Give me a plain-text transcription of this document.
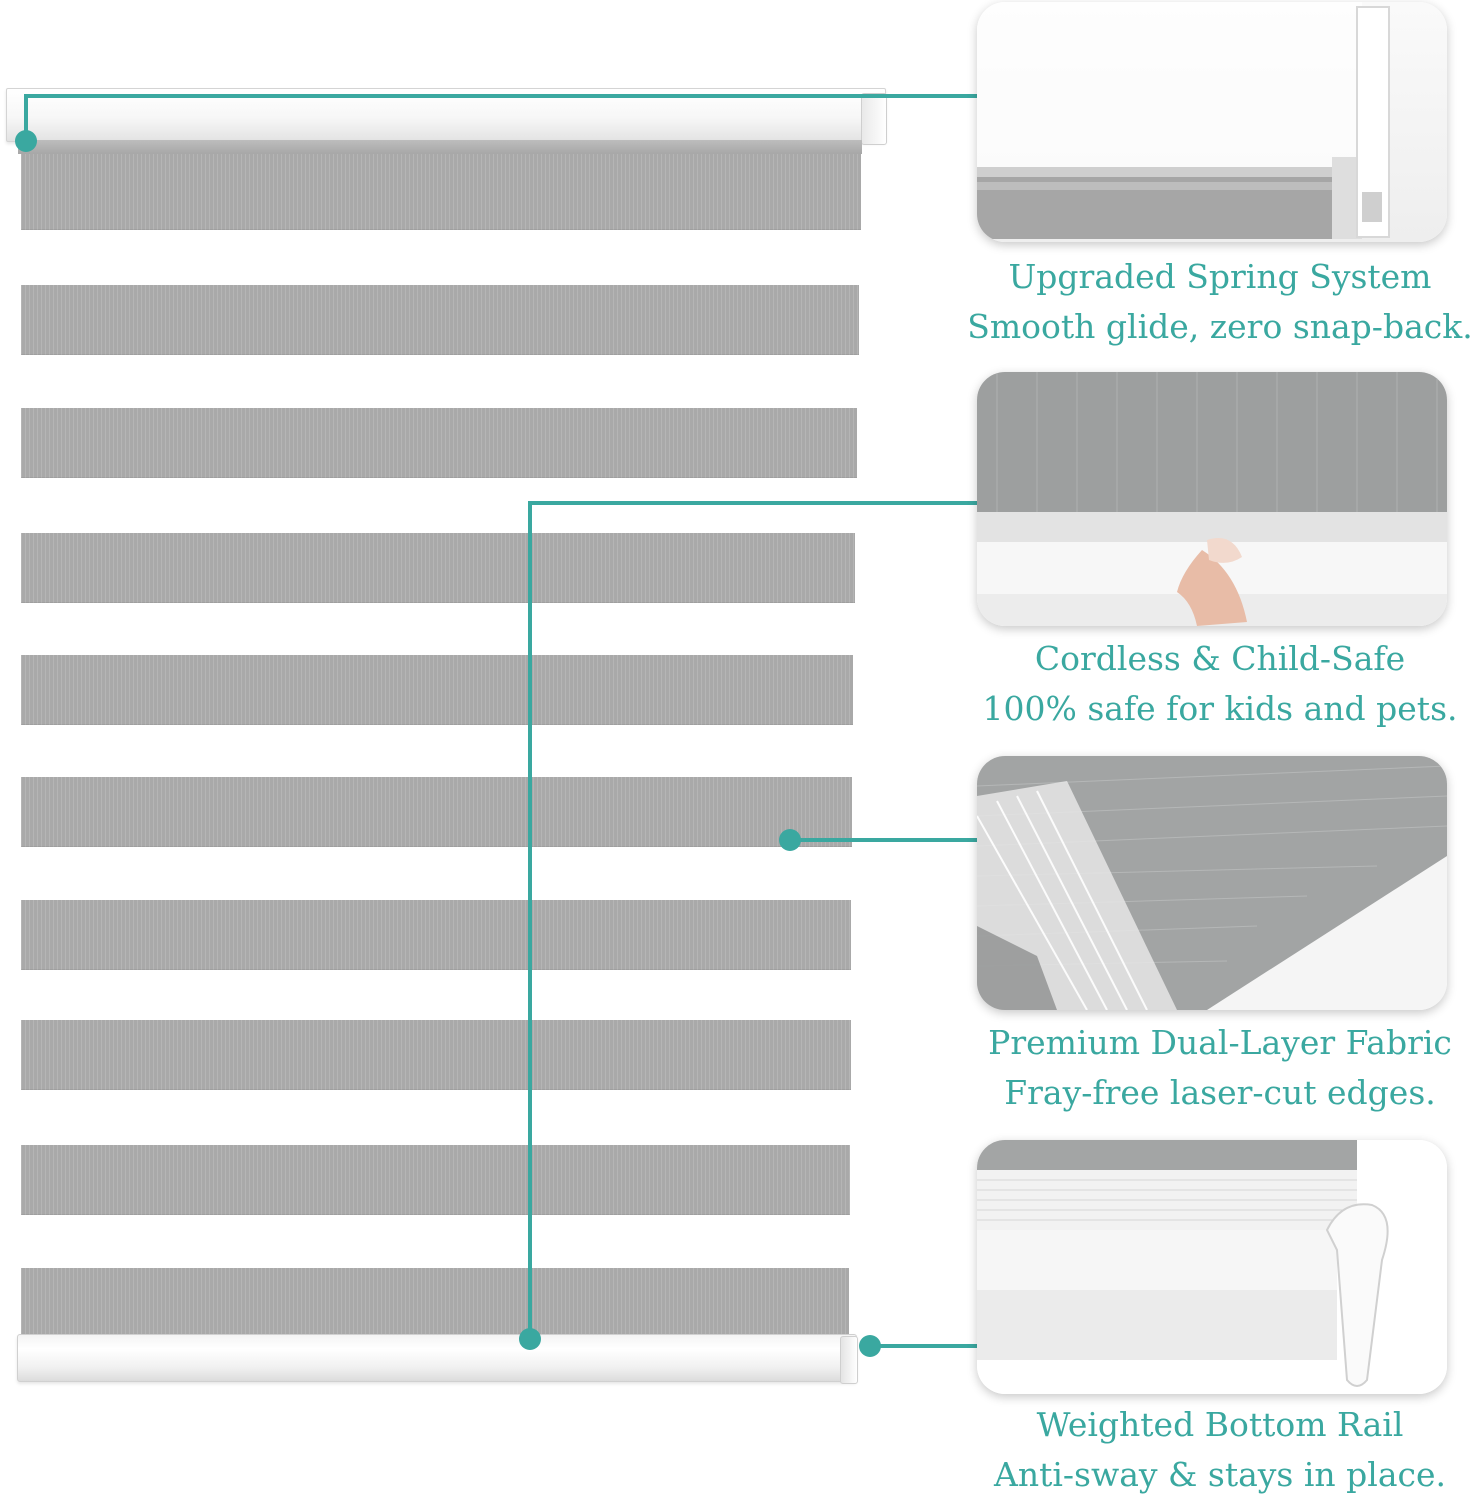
Upgraded Spring System
Smooth glide, zero snap-back.
Cordless & Child-Safe
100% safe for kids and pets.
Premium Dual-Layer Fabric
Fray-free laser-cut edges.
Weighted Bottom Rail
Anti-sway & stays in place.
